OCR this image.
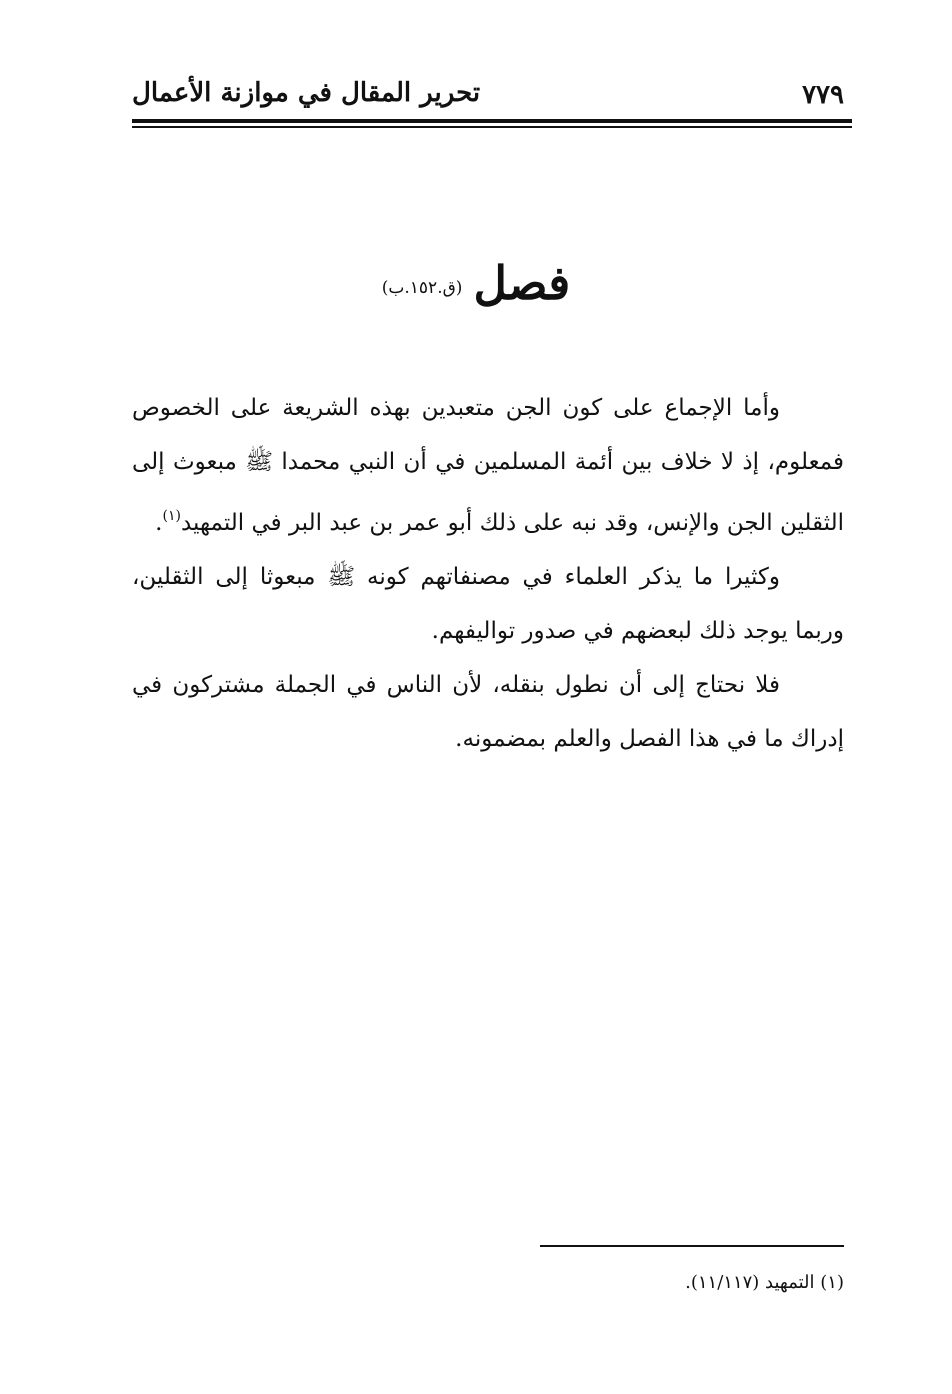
٧٧٩
تحرير المقال في موازنة الأعمال
فصل (ق.١٥٢.ب)

وأما الإجماع على كون الجن متعبدين بهذه الشريعة على الخصوص فمعلوم، إذ لا خلاف بين أئمة المسلمين في أن النبي محمدا ﷺ مبعوث إلى الثقلين الجن والإنس، وقد نبه على ذلك أبو عمر بن عبد البر في التمهيد$^{(١)}$.

وكثيرا ما يذكر العلماء في مصنفاتهم كونه ﷺ مبعوثا إلى الثقلين، وربما يوجد ذلك لبعضهم في صدور تواليفهم.

فلا نحتاج إلى أن نطول بنقله، لأن الناس في الجملة مشتركون في إدراك ما في هذا الفصل والعلم بمضمونه.

(١) التمهيد (١١/١١٧).
